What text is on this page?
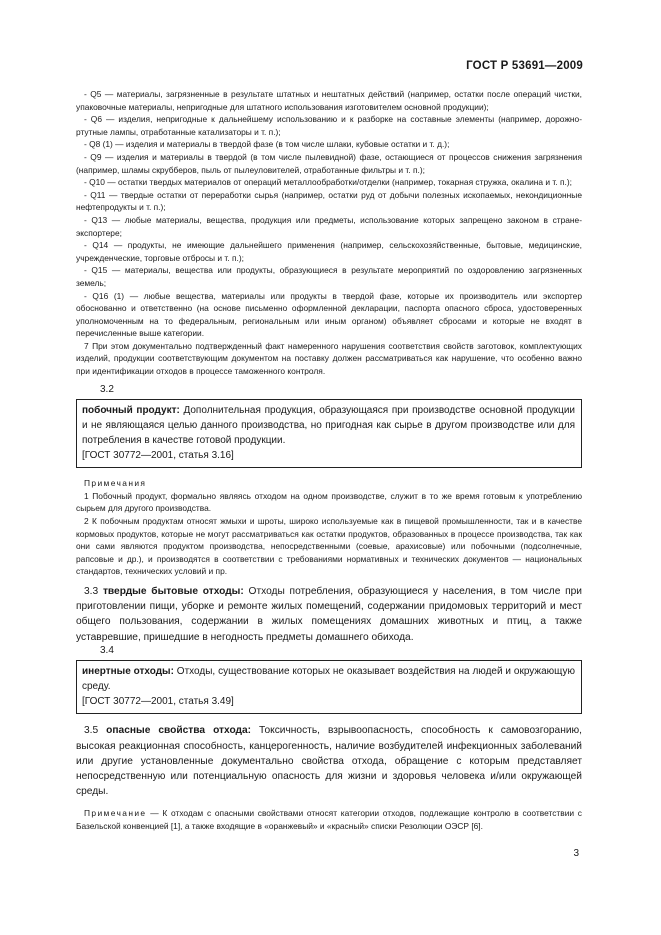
ГОСТ Р 53691—2009

- Q5 — материалы, загрязненные в результате штатных и нештатных действий (например, остатки после операций чистки, упаковочные материалы, непригодные для штатного использования изготовителем основной продукции);

- Q6 — изделия, непригодные к дальнейшему использованию и к разборке на составные элементы (например, дорожно-ртутные лампы, отработанные катализаторы и т. п.);

- Q8 (1) — изделия и материалы в твердой фазе (в том числе шлаки, кубовые остатки и т. д.);

- Q9 — изделия и материалы в твердой (в том числе пылевидной) фазе, остающиеся от процессов снижения загрязнения (например, шламы скрубберов, пыль от пылеуловителей, отработанные фильтры и т. п.);

- Q10 — остатки твердых материалов от операций металлообработки/отделки (например, токарная стружка, окалина и т. п.);

- Q11 — твердые остатки от переработки сырья (например, остатки руд от добычи полезных ископаемых, некондиционные нефтепродукты и т. п.);

- Q13 — любые материалы, вещества, продукция или предметы, использование которых запрещено законом в стране-экспортере;

- Q14 — продукты, не имеющие дальнейшего применения (например, сельскохозяйственные, бытовые, медицинские, учрежденческие, торговые отбросы и т. п.);

- Q15 — материалы, вещества или продукты, образующиеся в результате мероприятий по оздоровлению загрязненных земель;

- Q16 (1) — любые вещества, материалы или продукты в твердой фазе, которые их производитель или экспортер обоснованно и ответственно (на основе письменно оформленной декларации, паспорта опасного сброса, удостоверенных уполномоченным на то федеральным, региональным или иным органом) объявляет сбросами и которые не входят в перечисленные выше категории.

7 При этом документально подтвержденный факт намеренного нарушения соответствия свойств заготовок, комплектующих изделий, продукции соответствующим документом на поставку должен рассматриваться как нарушение, что особенно важно при идентификации отходов в процессе таможенного контроля.

3.2
побочный продукт: Дополнительная продукция, образующаяся при производстве основной продукции и не являющаяся целью данного производства, но пригодная как сырье в другом производстве или для потребления в качестве готовой продукции.
[ГОСТ 30772—2001, статья 3.16]

Примечания

1 Побочный продукт, формально являясь отходом на одном производстве, служит в то же время готовым к употреблению сырьем для другого производства.

2 К побочным продуктам относят жмыхи и шроты, широко используемые как в пищевой промышленности, так и в качестве кормовых продуктов, которые не могут рассматриваться как остатки продуктов, образованных в процессе производства, так как они сами являются продуктом производства, непосредственными (соевые, арахисовые) или побочными (подсолнечные, рапсовые и др.), и производятся в соответствии с требованиями нормативных и технических документов — национальных стандартов, технических условий и пр.

3.3 твердые бытовые отходы: Отходы потребления, образующиеся у населения, в том числе при приготовлении пищи, уборке и ремонте жилых помещений, содержании придомовых территорий и мест общего пользования, содержании в жилых помещениях домашних животных и птиц, а также уставревшие, пришедшие в негодность предметы домашнего обихода.

3.4
инертные отходы: Отходы, существование которых не оказывает воздействия на людей и окружающую среду.
[ГОСТ 30772—2001, статья 3.49]

3.5 опасные свойства отхода: Токсичность, взрывоопасность, способность к самовозгоранию, высокая реакционная способность, канцерогенность, наличие возбудителей инфекционных заболеваний или другие установленные документально свойства отхода, обращение с которым представляет непосредственную или потенциальную опасность для жизни и здоровья человека и/или окружающей среды.

Примечание — К отходам с опасными свойствами относят категории отходов, подлежащие контролю в соответствии с Базельской конвенцией [1], а также входящие в «оранжевый» и «красный» списки Резолюции ОЭСР [6].

3
